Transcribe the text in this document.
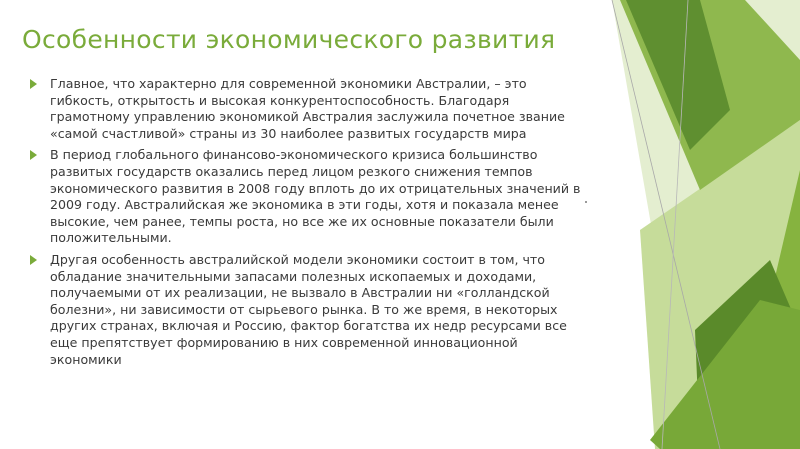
Особенности экономического развития
Главное, что характерно для современной экономики Австралии, – это гибкость, открытость и высокая конкурентоспособность. Благодаря грамотному управлению экономикой Австралия заслужила почетное звание «самой счастливой» страны из 30 наиболее развитых государств мира
В период глобального финансово-экономического кризиса большинство развитых государств оказались перед лицом резкого снижения темпов экономического развития в 2008 году вплоть до их отрицательных значений в 2009 году. Австралийская же экономика в эти годы, хотя и показала менее высокие, чем ранее, темпы роста, но все же их основные показатели были положительными.
Другая особенность австралийской модели экономики состоит в том, что обладание значительными запасами полезных ископаемых и доходами, получаемыми от их реализации, не вызвало в Австралии ни «голландской болезни», ни зависимости от сырьевого рынка. В то же время, в некоторых других странах, включая и Россию, фактор богатства их недр ресурсами все еще препятствует формированию в них современной инновационной экономики
